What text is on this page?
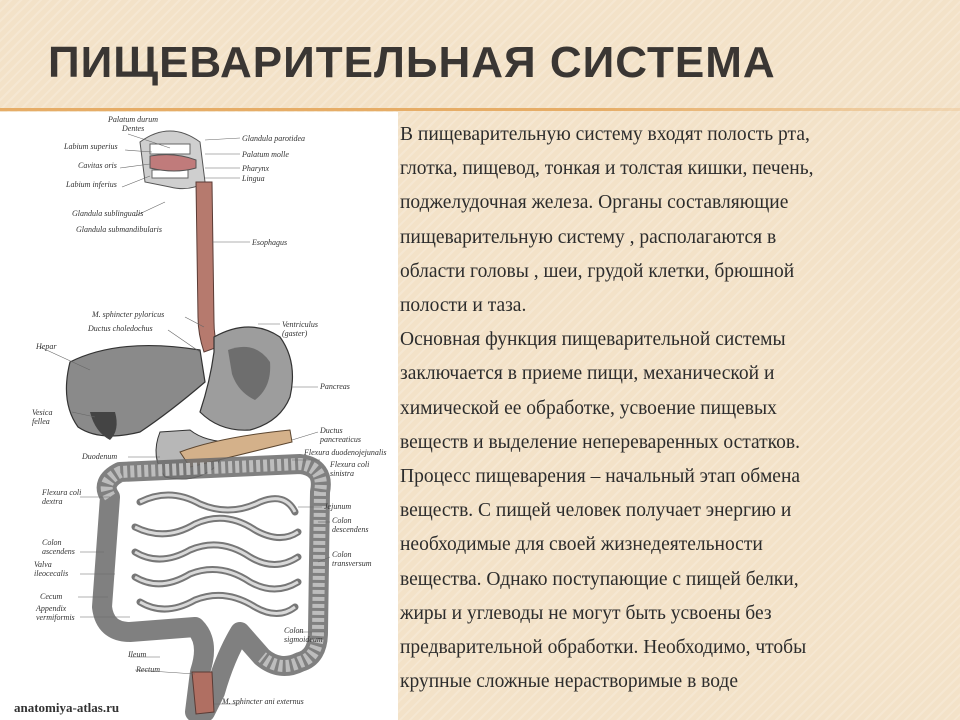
ПИЩЕВАРИТЕЛЬНАЯ СИСТЕМА
Palatum durum
Dentes
Labium superius
Cavitas oris
Labium inferius
Glandula sublingualis
Glandula submandibularis
Glandula parotidea
Palatum molle
Pharynx
Lingua
Esophagus
M. sphincter pyloricus
Ductus choledochus
Hepar
Ventriculus (gaster)
Vesica fellea
Pancreas
Ductus pancreaticus
Duodenum	Flexura duodenojejunalis
Flexura coli sinistra
Flexura coli dextra
Jejunum
Colon descendens
Colon ascendens	Colon transversum
Valva ileocecalis
Cecum
Appendix vermiformis
Colon sigmoideum
Ileum
Rectum
M. sphincter ani externus
anatomiya-atlas.ru
В пищеварительную систему входят полость рта,
глотка, пищевод, тонкая и толстая кишки, печень,
поджелудочная железа. Органы составляющие
пищеварительную систему , располагаются в
области головы , шеи, грудой клетки, брюшной
полости и таза.
Основная функция пищеварительной системы
заключается в приеме пищи, механической и
химической ее обработке, усвоение пищевых
веществ и выделение непереваренных остатков.
Процесс пищеварения – начальный этап обмена
веществ. С пищей человек получает энергию и
необходимые для своей жизнедеятельности
вещества. Однако поступающие с пищей белки,
жиры и углеводы не могут быть усвоены без
предварительной обработки. Необходимо, чтобы
крупные сложные нерастворимые в воде
